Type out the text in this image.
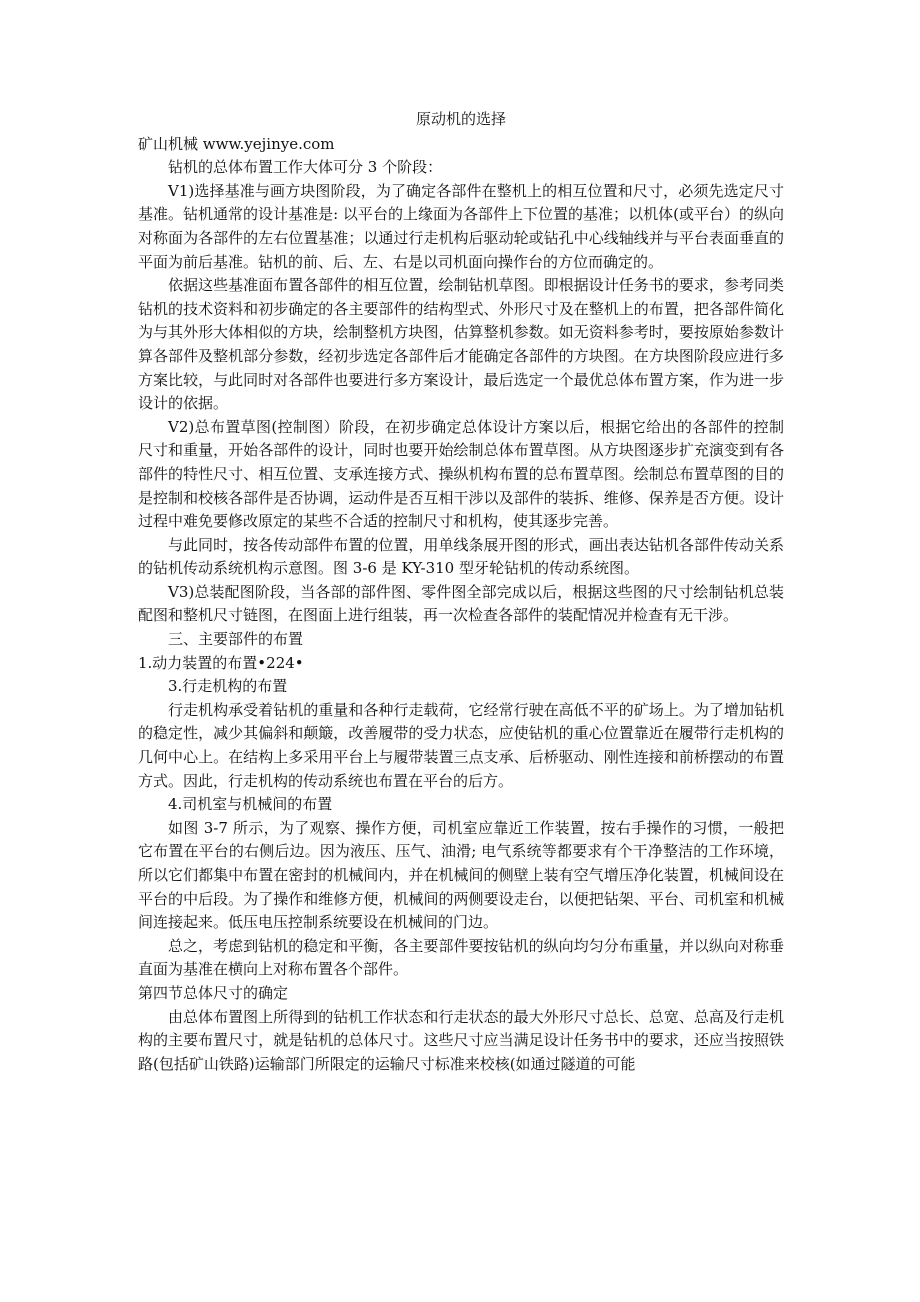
原动机的选择

矿山机械 www.yejinye.com

钻机的总体布置工作大体可分 3 个阶段：

V1)选择基准与画方块图阶段，为了确定各部件在整机上的相互位置和尺寸，必须先选定尺寸基准。钻机通常的设计基准是: 以平台的上缘面为各部件上下位置的基准；以机体(或平台）的纵向对称面为各部件的左右位置基准；以通过行走机构后驱动轮或钻孔中心线轴线并与平台表面垂直的平面为前后基准。钻机的前、后、左、右是以司机面向操作台的方位而确定的。

依据这些基准面布置各部件的相互位置，绘制钻机草图。即根据设计任务书的要求，参考同类钻机的技术资料和初步确定的各主要部件的结构型式、外形尺寸及在整机上的布置，把各部件简化为与其外形大体相似的方块，绘制整机方块图，估算整机参数。如无资料参考时，要按原始参数计算各部件及整机部分参数，经初步选定各部件后才能确定各部件的方块图。在方块图阶段应进行多方案比较，与此同时对各部件也要进行多方案设计，最后选定一个最优总体布置方案，作为进一步设计的依据。

V2)总布置草图(控制图）阶段，在初步确定总体设计方案以后，根据它给出的各部件的控制尺寸和重量，开始各部件的设计，同时也要开始绘制总体布置草图。从方块图逐步扩充演变到有各部件的特性尺寸、相互位置、支承连接方式、操纵机构布置的总布置草图。绘制总布置草图的目的是控制和校核各部件是否协调，运动件是否互相干涉以及部件的装拆、维修、保养是否方便。设计过程中难免要修改原定的某些不合适的控制尺寸和机构，使其逐步完善。

与此同时，按各传动部件布置的位置，用单线条展开图的形式，画出表达钻机各部件传动关系的钻机传动系统机构示意图。图 3-6 是 KY-310 型牙轮钻机的传动系统图。

V3)总装配图阶段，当各部的部件图、零件图全部完成以后，根据这些图的尺寸绘制钻机总装配图和整机尺寸链图，在图面上进行组装，再一次检查各部件的装配情况并检查有无干涉。

三、主要部件的布置

1.动力装置的布置•224•

3.行走机构的布置

行走机构承受着钻机的重量和各种行走载荷，它经常行驶在高低不平的矿场上。为了增加钻机的稳定性，减少其偏斜和颠簸，改善履带的受力状态，应使钻机的重心位置靠近在履带行走机构的几何中心上。在结构上多采用平台上与履带装置三点支承、后桥驱动、刚性连接和前桥摆动的布置方式。因此，行走机构的传动系统也布置在平台的后方。

4.司机室与机械间的布置

如图 3-7 所示，为了观察、操作方便，司机室应靠近工作装置，按右手操作的习惯，一般把它布置在平台的右侧后边。因为液压、压气、油滑; 电气系统等都要求有个干净整洁的工作环境，所以它们都集中布置在密封的机械间内，并在机械间的侧壁上装有空气增压净化装置，机械间设在平台的中后段。为了操作和维修方便，机械间的两侧要设走台，以便把钻架、平台、司机室和机械间连接起来。低压电压控制系统要设在机械间的门边。

总之，考虑到钻机的稳定和平衡，各主要部件要按钻机的纵向均匀分布重量，并以纵向对称垂直面为基准在横向上对称布置各个部件。

第四节总体尺寸的确定

由总体布置图上所得到的钻机工作状态和行走状态的最大外形尺寸总长、总宽、总高及行走机构的主要布置尺寸，就是钻机的总体尺寸。这些尺寸应当满足设计任务书中的要求，还应当按照铁路(包括矿山铁路)运输部门所限定的运输尺寸标准来校核(如通过隧道的可能
